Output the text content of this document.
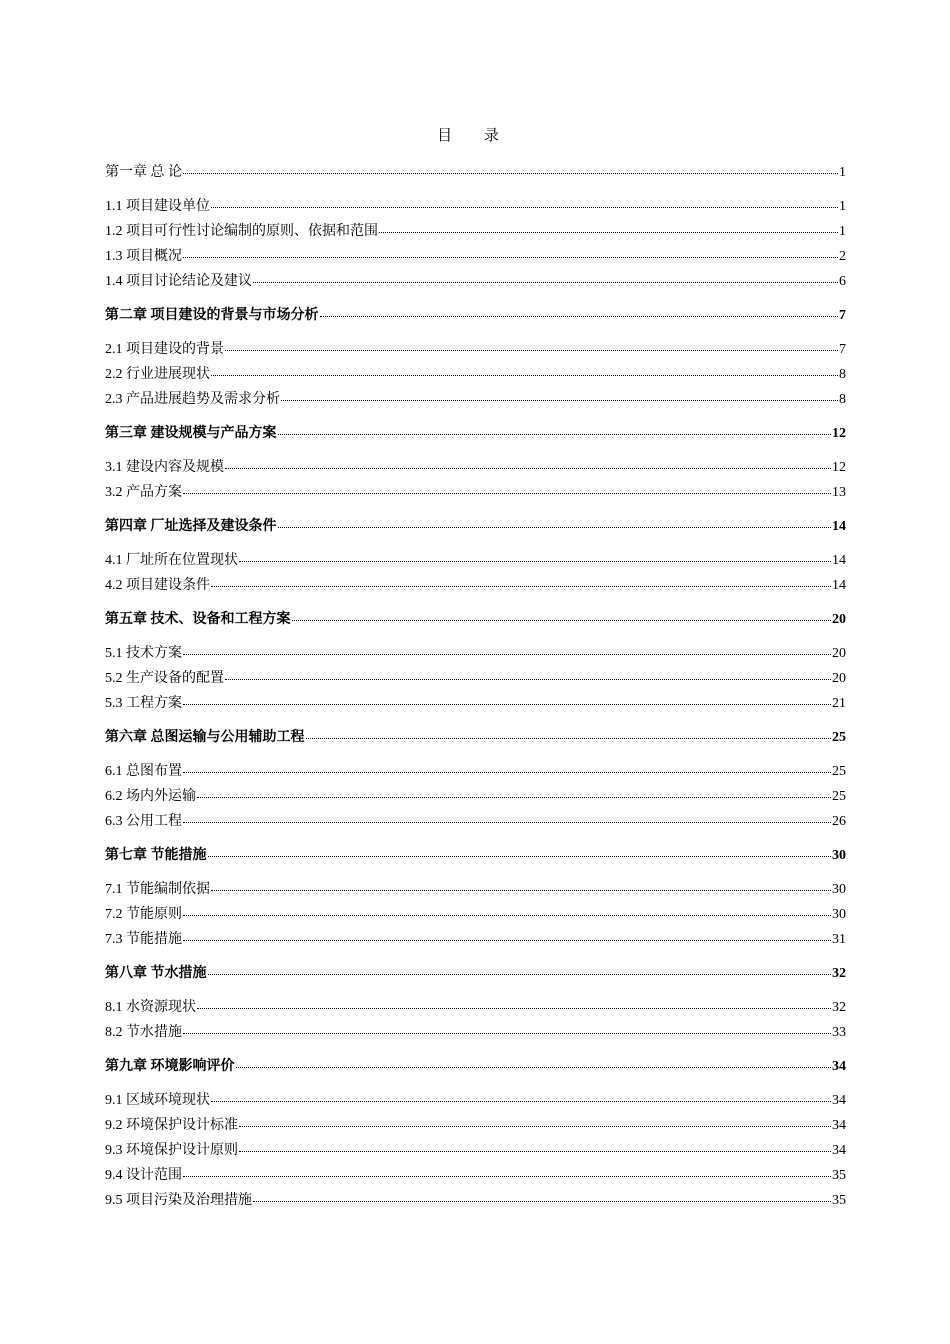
目 录
第一章 总 论	1
1.1 项目建设单位	1
1.2 项目可行性讨论编制的原则、依据和范围	1
1.3 项目概况	2
1.4 项目讨论结论及建议	6
第二章 项目建设的背景与市场分析	7
2.1 项目建设的背景	7
2.2 行业进展现状	8
2.3 产品进展趋势及需求分析	8
第三章 建设规模与产品方案	12
3.1 建设内容及规模	12
3.2 产品方案	13
第四章 厂址选择及建设条件	14
4.1 厂址所在位置现状	14
4.2 项目建设条件	14
第五章 技术、设备和工程方案	20
5.1 技术方案	20
5.2 生产设备的配置	20
5.3 工程方案	21
第六章 总图运输与公用辅助工程	25
6.1 总图布置	25
6.2 场内外运输	25
6.3 公用工程	26
第七章 节能措施	30
7.1 节能编制依据	30
7.2 节能原则	30
7.3 节能措施	31
第八章 节水措施	32
8.1 水资源现状	32
8.2 节水措施	33
第九章 环境影响评价	34
9.1 区域环境现状	34
9.2 环境保护设计标准	34
9.3 环境保护设计原则	34
9.4 设计范围	35
9.5 项目污染及治理措施	35
